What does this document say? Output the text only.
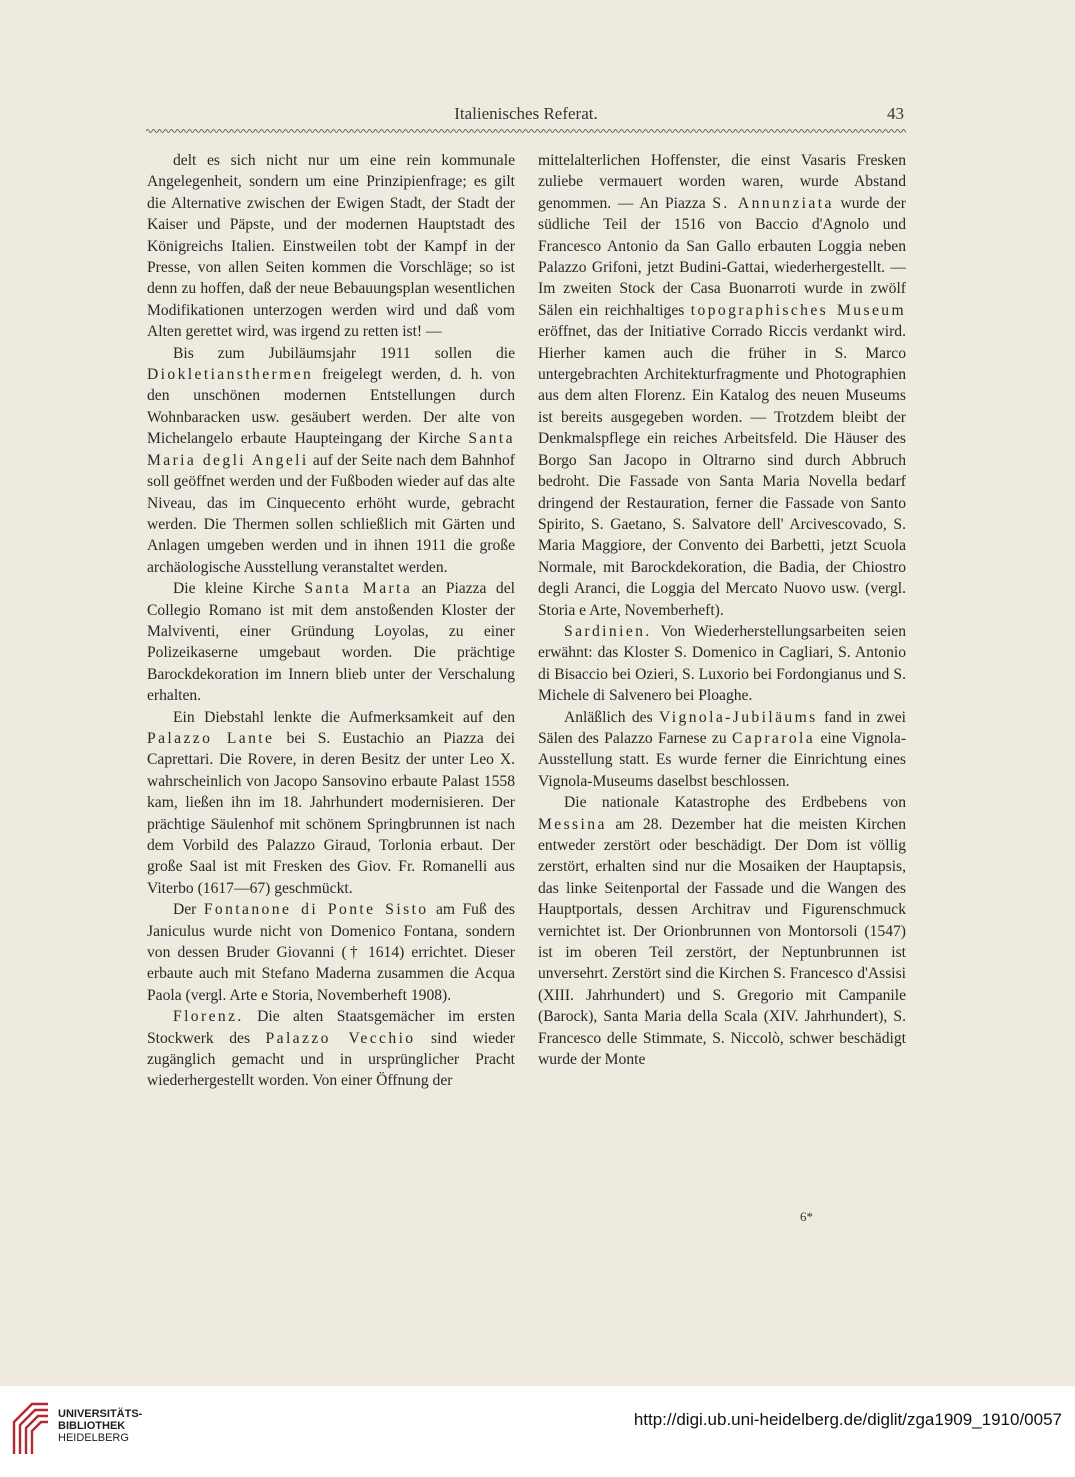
Italienisches Referat.	43

delt es sich nicht nur um eine rein kommunale Angelegenheit, sondern um eine Prinzipienfrage; es gilt die Alternative zwischen der Ewigen Stadt, der Stadt der Kaiser und Päpste, und der modernen Hauptstadt des Königreichs Italien. Einstweilen tobt der Kampf in der Presse, von allen Seiten kommen die Vorschläge; so ist denn zu hoffen, daß der neue Bebauungsplan wesentlichen Modifikationen unterzogen werden wird und daß vom Alten gerettet wird, was irgend zu retten ist! —

Bis zum Jubiläumsjahr 1911 sollen die Diokletiansthermen freigelegt werden, d. h. von den unschönen modernen Entstellungen durch Wohnbaracken usw. gesäubert werden. Der alte von Michelangelo erbaute Haupteingang der Kirche Santa Maria degli Angeli auf der Seite nach dem Bahnhof soll geöffnet werden und der Fußboden wieder auf das alte Niveau, das im Cinquecento erhöht wurde, gebracht werden. Die Thermen sollen schließlich mit Gärten und Anlagen umgeben werden und in ihnen 1911 die große archäologische Ausstellung veranstaltet werden.

Die kleine Kirche Santa Marta an Piazza del Collegio Romano ist mit dem anstoßenden Kloster der Malviventi, einer Gründung Loyolas, zu einer Polizeikaserne umgebaut worden. Die prächtige Barockdekoration im Innern blieb unter der Verschalung erhalten.

Ein Diebstahl lenkte die Aufmerksamkeit auf den Palazzo Lante bei S. Eustachio an Piazza dei Caprettari. Die Rovere, in deren Besitz der unter Leo X. wahrscheinlich von Jacopo Sansovino erbaute Palast 1558 kam, ließen ihn im 18. Jahrhundert modernisieren. Der prächtige Säulenhof mit schönem Springbrunnen ist nach dem Vorbild des Palazzo Giraud, Torlonia erbaut. Der große Saal ist mit Fresken des Giov. Fr. Romanelli aus Viterbo (1617—67) geschmückt.

Der Fontanone di Ponte Sisto am Fuß des Janiculus wurde nicht von Domenico Fontana, sondern von dessen Bruder Giovanni († 1614) errichtet. Dieser erbaute auch mit Stefano Maderna zusammen die Acqua Paola (vergl. Arte e Storia, Novemberheft 1908).

Florenz. Die alten Staatsgemächer im ersten Stockwerk des Palazzo Vecchio sind wieder zugänglich gemacht und in ursprünglicher Pracht wiederhergestellt worden. Von einer Öffnung der

mittelalterlichen Hoffenster, die einst Vasaris Fresken zuliebe vermauert worden waren, wurde Abstand genommen. — An Piazza S. Annunziata wurde der südliche Teil der 1516 von Baccio d'Agnolo und Francesco Antonio da San Gallo erbauten Loggia neben Palazzo Grifoni, jetzt Budini-Gattai, wiederhergestellt. — Im zweiten Stock der Casa Buonarroti wurde in zwölf Sälen ein reichhaltiges topographisches Museum eröffnet, das der Initiative Corrado Riccis verdankt wird. Hierher kamen auch die früher in S. Marco untergebrachten Architekturfragmente und Photographien aus dem alten Florenz. Ein Katalog des neuen Museums ist bereits ausgegeben worden. — Trotzdem bleibt der Denkmalspflege ein reiches Arbeitsfeld. Die Häuser des Borgo San Jacopo in Oltrarno sind durch Abbruch bedroht. Die Fassade von Santa Maria Novella bedarf dringend der Restauration, ferner die Fassade von Santo Spirito, S. Gaetano, S. Salvatore dell' Arcivescovado, S. Maria Maggiore, der Convento dei Barbetti, jetzt Scuola Normale, mit Barockdekoration, die Badia, der Chiostro degli Aranci, die Loggia del Mercato Nuovo usw. (vergl. Storia e Arte, Novemberheft).

Sardinien. Von Wiederherstellungsarbeiten seien erwähnt: das Kloster S. Domenico in Cagliari, S. Antonio di Bisaccio bei Ozieri, S. Luxorio bei Fordongianus und S. Michele di Salvenero bei Ploaghe.

Anläßlich des Vignola-Jubiläums fand in zwei Sälen des Palazzo Farnese zu Caprarola eine Vignola-Ausstellung statt. Es wurde ferner die Einrichtung eines Vignola-Museums daselbst beschlossen.

Die nationale Katastrophe des Erdbebens von Messina am 28. Dezember hat die meisten Kirchen entweder zerstört oder beschädigt. Der Dom ist völlig zerstört, erhalten sind nur die Mosaiken der Hauptapsis, das linke Seitenportal der Fassade und die Wangen des Hauptportals, dessen Architrav und Figurenschmuck vernichtet ist. Der Orionbrunnen von Montorsoli (1547) ist im oberen Teil zerstört, der Neptunbrunnen ist unversehrt. Zerstört sind die Kirchen S. Francesco d'Assisi (XIII. Jahrhundert) und S. Gregorio mit Campanile (Barock), Santa Maria della Scala (XIV. Jahrhundert), S. Francesco delle Stimmate, S. Niccolò, schwer beschädigt wurde der Monte

6*
UNIVERSITÄTS-
BIBLIOTHEK
HEIDELBERG
http://digi.ub.uni-heidelberg.de/diglit/zga1909_1910/0057
